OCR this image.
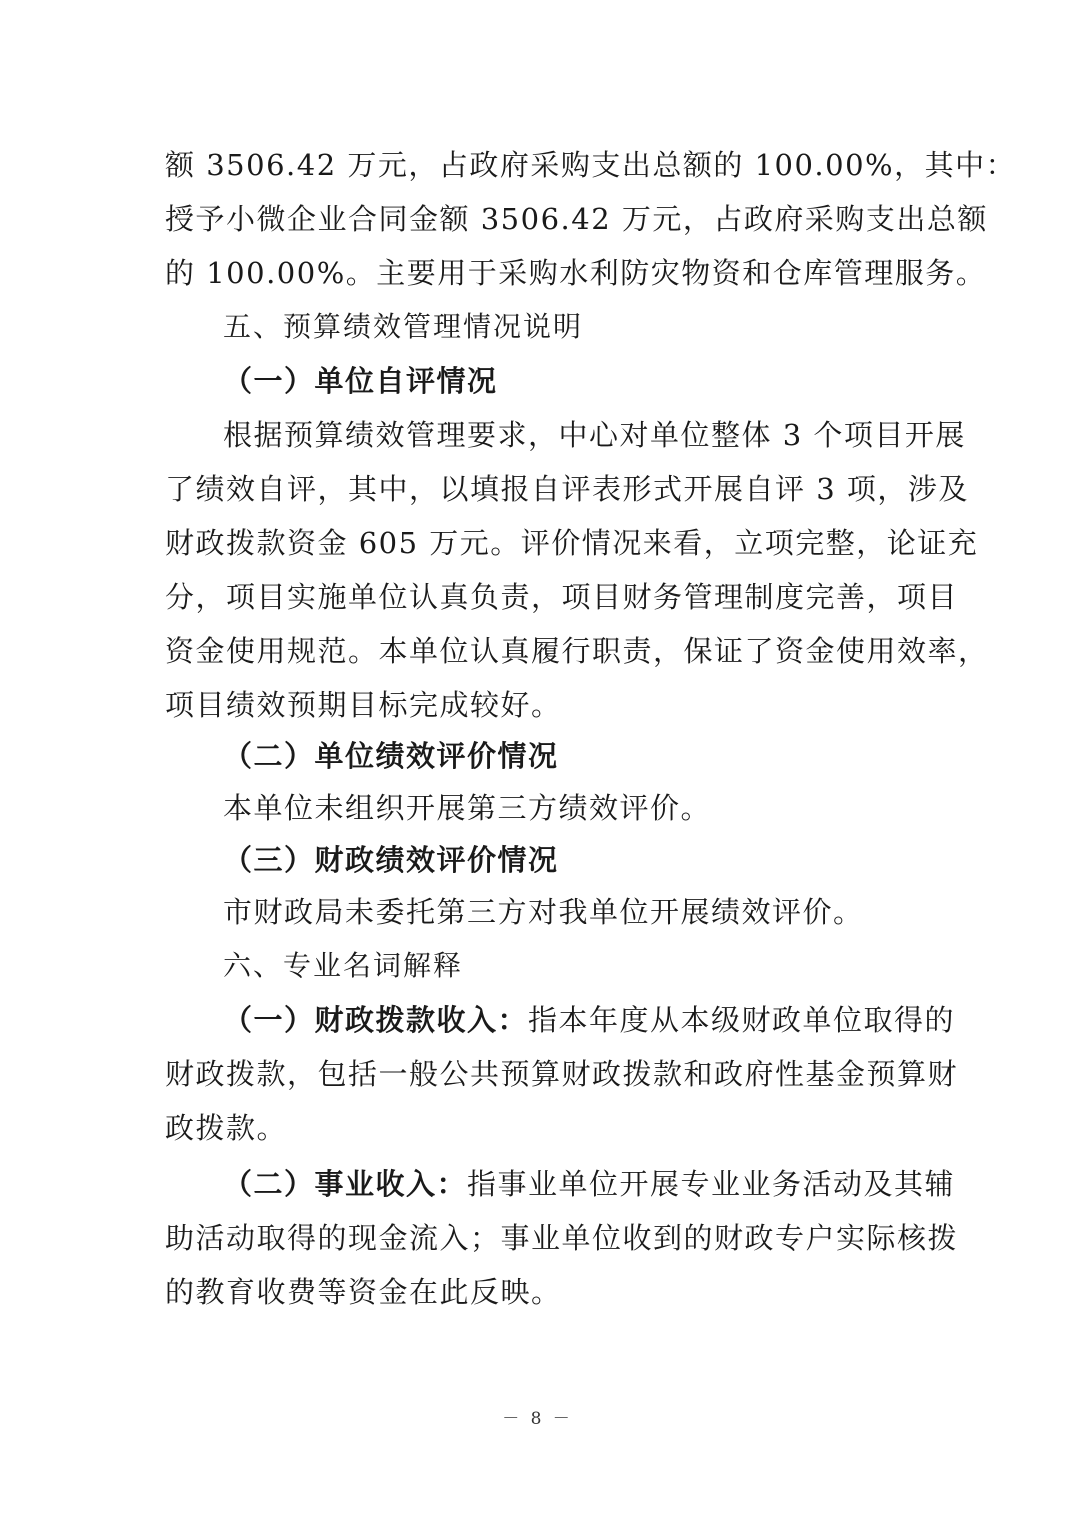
额 3506.42 万元，占政府采购支出总额的 100.00%，其中：
授予小微企业合同金额 3506.42 万元，占政府采购支出总额
的 100.00%。主要用于采购水利防灾物资和仓库管理服务。
五、预算绩效管理情况说明
（一）单位自评情况
根据预算绩效管理要求，中心对单位整体 3 个项目开展
了绩效自评，其中，以填报自评表形式开展自评 3 项，涉及
财政拨款资金 605 万元。评价情况来看，立项完整，论证充
分，项目实施单位认真负责，项目财务管理制度完善，项目
资金使用规范。本单位认真履行职责，保证了资金使用效率，
项目绩效预期目标完成较好。
（二）单位绩效评价情况
本单位未组织开展第三方绩效评价。
（三）财政绩效评价情况
市财政局未委托第三方对我单位开展绩效评价。
六、专业名词解释
（一）财政拨款收入：指本年度从本级财政单位取得的
财政拨款，包括一般公共预算财政拨款和政府性基金预算财
政拨款。
（二）事业收入：指事业单位开展专业业务活动及其辅
助活动取得的现金流入；事业单位收到的财政专户实际核拨
的教育收费等资金在此反映。
－ 8 －
